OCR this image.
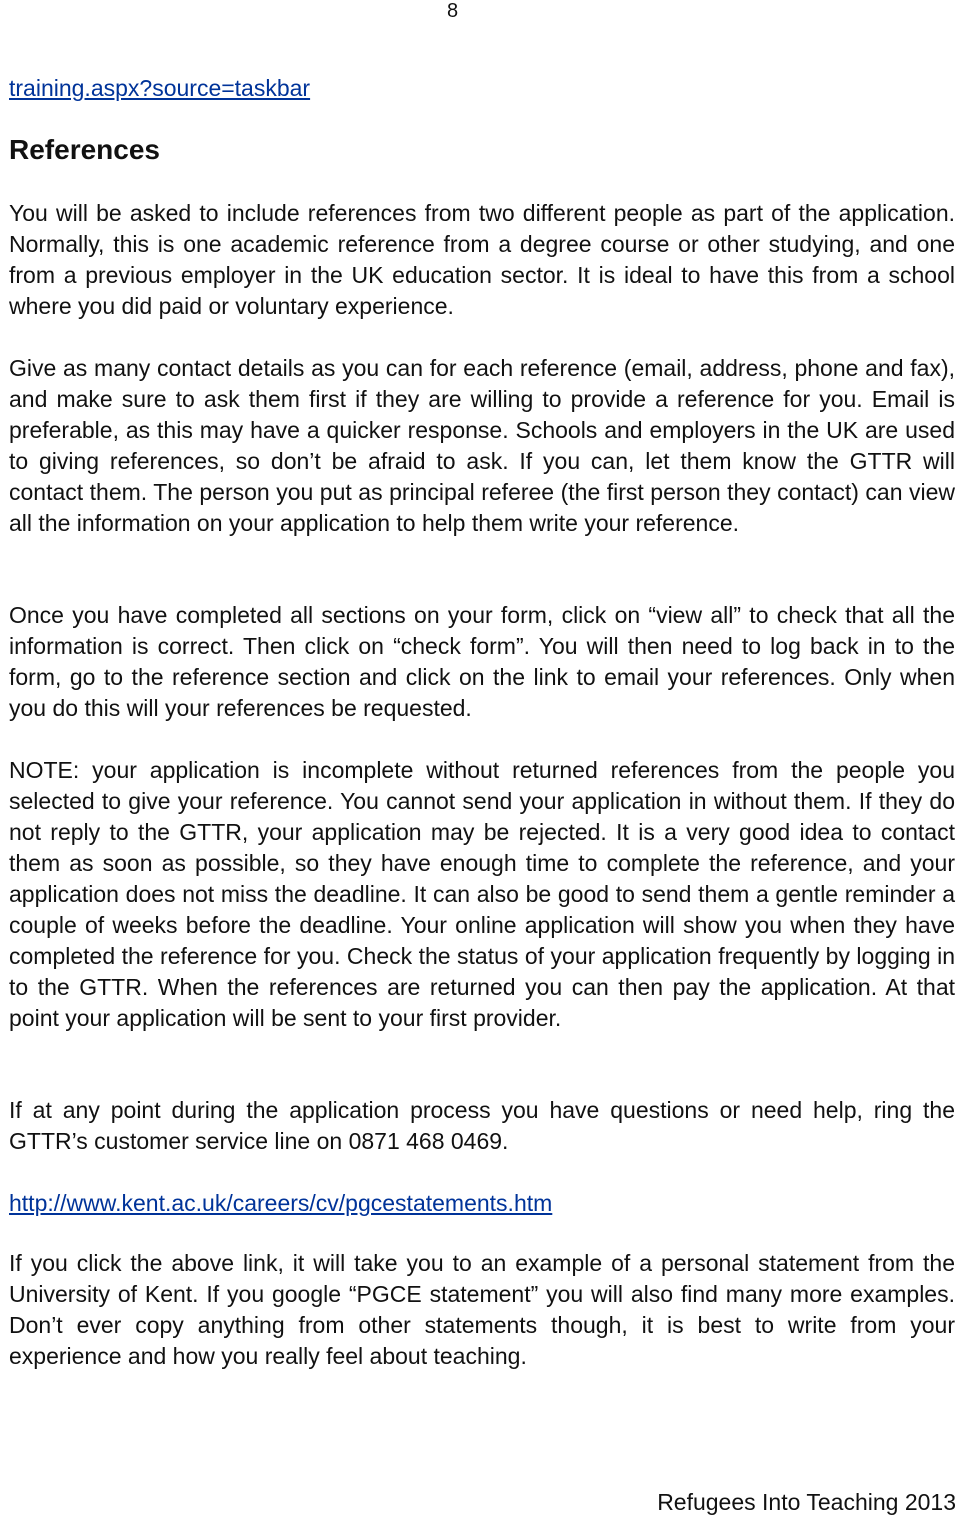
8
training.aspx?source=taskbar
References

You will be asked to include references from two different people as part of the application. Normally, this is one academic reference from a degree course or other studying, and one from a previous employer in the UK education sector. It is ideal to have this from a school where you did paid or voluntary experience.

Give as many contact details as you can for each reference (email, address, phone and fax), and make sure to ask them first if they are willing to provide a reference for you. Email is preferable, as this may have a quicker response. Schools and employers in the UK are used to giving references, so don’t be afraid to ask. If you can, let them know the GTTR will contact them. The person you put as principal referee (the first person they contact) can view all the information on your application to help them write your reference.

Once you have completed all sections on your form, click on “view all” to check that all the information is correct. Then click on “check form”. You will then need to log back in to the form, go to the reference section and click on the link to email your references. Only when you do this will your references be requested.

NOTE: your application is incomplete without returned references from the people you selected to give your reference. You cannot send your application in without them. If they do not reply to the GTTR, your application may be rejected. It is a very good idea to contact them as soon as possible, so they have enough time to complete the reference, and your application does not miss the deadline. It can also be good to send them a gentle reminder a couple of weeks before the deadline. Your online application will show you when they have completed the reference for you. Check the status of your application frequently by logging in to the GTTR. When the references are returned you can then pay the application. At that point your application will be sent to your first provider.

If at any point during the application process you have questions or need help, ring the GTTR’s customer service line on 0871 468 0469.

http://www.kent.ac.uk/careers/cv/pgcestatements.htm

If you click the above link, it will take you to an example of a personal statement from the University of Kent. If you google “PGCE statement” you will also find many more examples. Don’t ever copy anything from other statements though, it is best to write from your experience and how you really feel about teaching.

Refugees Into Teaching 2013
